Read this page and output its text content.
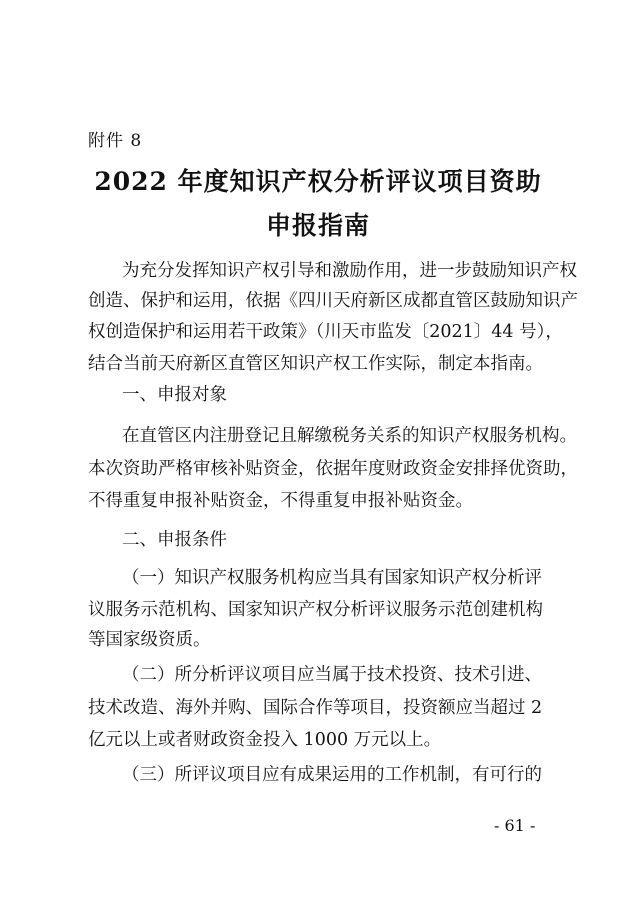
附件 8
2022 年度知识产权分析评议项目资助
申报指南
为充分发挥知识产权引导和激励作用，进一步鼓励知识产权
创造、保护和运用，依据《四川天府新区成都直管区鼓励知识产
权创造保护和运用若干政策》（川天市监发〔2021〕44 号），
结合当前天府新区直管区知识产权工作实际，制定本指南。
一、申报对象
在直管区内注册登记且解缴税务关系的知识产权服务机构。
本次资助严格审核补贴资金，依据年度财政资金安排择优资助，
不得重复申报补贴资金，不得重复申报补贴资金。
二、申报条件
（一）知识产权服务机构应当具有国家知识产权分析评
议服务示范机构、国家知识产权分析评议服务示范创建机构
等国家级资质。
（二）所分析评议项目应当属于技术投资、技术引进、
技术改造、海外并购、国际合作等项目，投资额应当超过 2
亿元以上或者财政资金投入 1000 万元以上。
（三）所评议项目应有成果运用的工作机制，有可行的
- 61 -
